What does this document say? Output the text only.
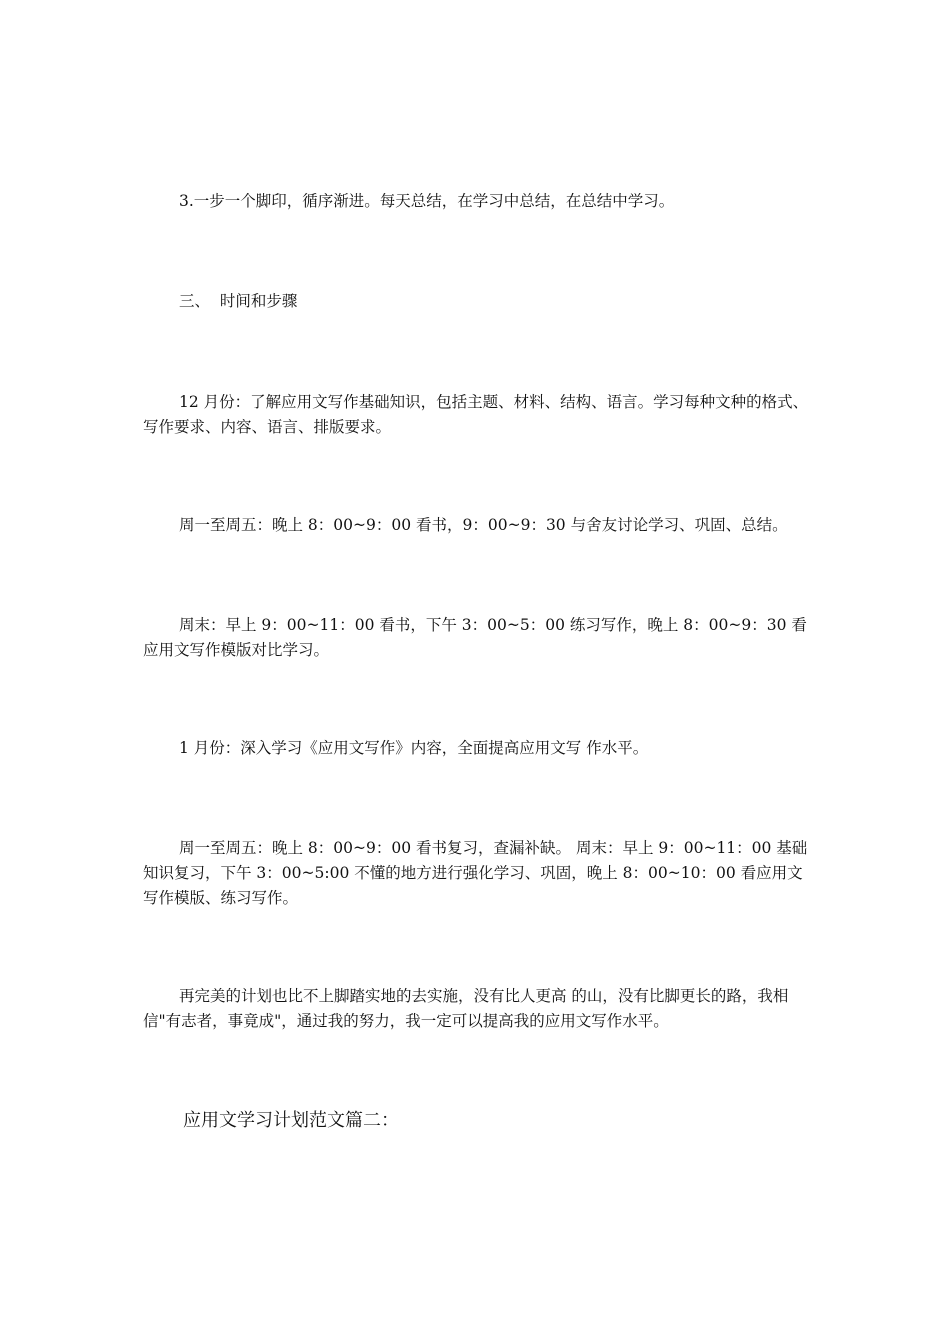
3.一步一个脚印，循序渐进。每天总结，在学习中总结，在总结中学习。

三、  时间和步骤

12 月份：了解应用文写作基础知识，包括主题、材料、结构、语言。学习每种文种的格式、写作要求、内容、语言、排版要求。

周一至周五：晚上 8：00~9：00 看书，9：00~9：30 与舍友讨论学习、巩固、总结。

周末：早上 9：00~11：00 看书，下午 3：00~5：00 练习写作，晚上 8：00~9：30 看应用文写作模版对比学习。

1 月份：深入学习《应用文写作》内容，全面提高应用文写 作水平。

周一至周五：晚上 8：00~9：00 看书复习，查漏补缺。 周末：早上 9：00~11：00 基础知识复习，下午 3：00~5:00 不懂的地方进行强化学习、巩固，晚上 8：00~10：00 看应用文写作模版、练习写作。

再完美的计划也比不上脚踏实地的去实施，没有比人更高 的山，没有比脚更长的路，我相信"有志者，事竟成"，通过我的努力，我一定可以提高我的应用文写作水平。

应用文学习计划范文篇二：
